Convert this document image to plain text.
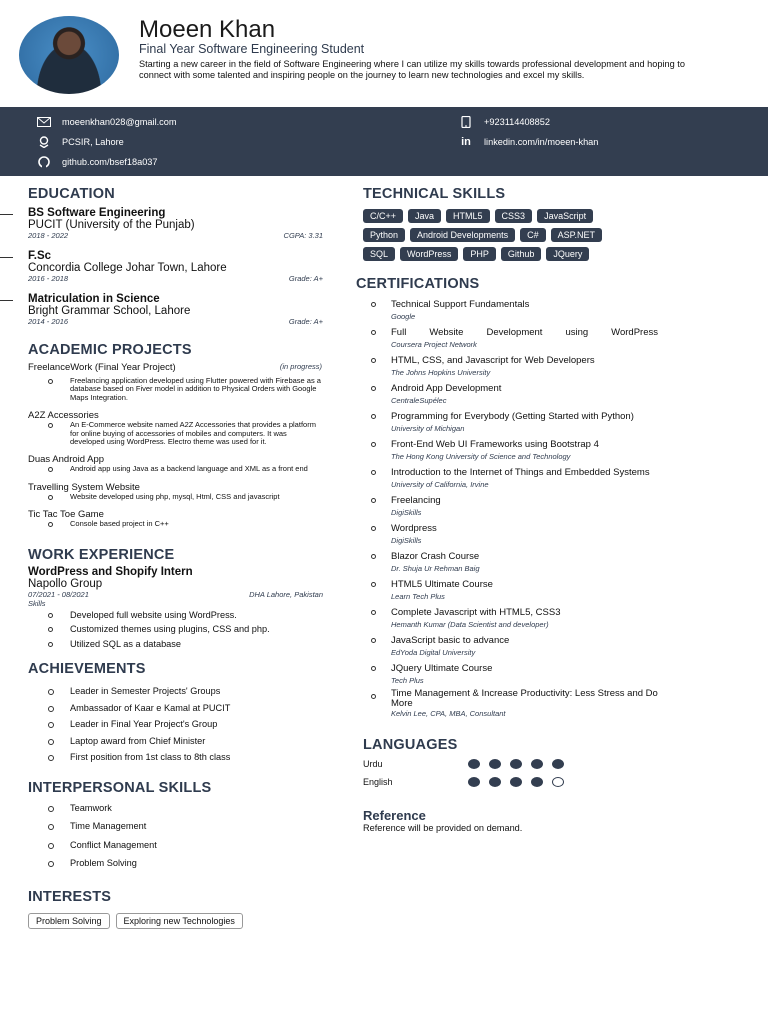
Moeen Khan
Final Year Software Engineering Student
Starting a new career in the field of Software Engineering where I can utilize my skills towards professional development and hoping to connect with some talented and inspiring people on the journey to learn new technologies and excel my skills.
moeenkhan028@gmail.com
PCSIR, Lahore
github.com/bsef18a037
+923114408852
in	linkedin.com/in/moeen-khan
EDUCATION
BS Software Engineering
PUCIT (University of the Punjab)
2018 - 2022	CGPA: 3.31
F.Sc
Concordia College Johar Town, Lahore
2016 - 2018	Grade: A+
Matriculation in Science
Bright Grammar School, Lahore
2014 - 2016	Grade: A+
ACADEMIC PROJECTS
FreelanceWork (Final Year Project)	(in progress)
Freelancing application developed using Flutter powered with Firebase as a database based on Fiver model in addition to Physical Orders with Google Maps Integration.
A2Z Accessories
An E-Commerce website named A2Z Accessories that provides a platform for online buying of accessories of mobiles and computers. It was developed using WordPress. Electro theme was used for it.
Duas Android App
Android app using Java as a backend language and XML as a front end
Travelling System Website
Website developed using php, mysql, Html, CSS and javascript
Tic Tac Toe Game
Console based project in C++
WORK EXPERIENCE
WordPress and Shopify Intern
Napollo Group
07/2021 - 08/2021	DHA Lahore, Pakistan
Skills
Developed full website using WordPress.
Customized themes using plugins, CSS and php.
Utilized SQL as a database
ACHIEVEMENTS
Leader in Semester Projects' Groups
Ambassador of Kaar e Kamal at PUCIT
Leader in Final Year Project's Group
Laptop award from Chief Minister
First position from 1st class to 8th class
INTERPERSONAL SKILLS
Teamwork
Time Management
Conflict Management
Problem Solving
INTERESTS
Problem Solving	Exploring new Technologies
TECHNICAL SKILLS
C/C++	Java	HTML5	CSS3	JavaScript
Python	Android Developments	C#	ASP.NET
SQL	WordPress	PHP	Github	JQuery
CERTIFICATIONS
Technical Support Fundamentals
Google
Full Website Development using WordPress
Coursera Project Network
HTML, CSS, and Javascript for Web Developers
The Johns Hopkins University
Android App Development
CentraleSupélec
Programming for Everybody (Getting Started with Python)
University of Michigan
Front-End Web UI Frameworks using Bootstrap 4
The Hong Kong University of Science and Technology
Introduction to the Internet of Things and Embedded Systems
University of California, Irvine
Freelancing
DigiSkills
Wordpress
DigiSkills
Blazor Crash Course
Dr. Shuja Ur Rehman Baig
HTML5 Ultimate Course
Learn Tech Plus
Complete Javascript with HTML5, CSS3
Hemanth Kumar (Data Scientist and developer)
JavaScript basic to advance
EdYoda Digital University
JQuery Ultimate Course
Tech Plus
Time Management & Increase Productivity: Less Stress and Do More
Kelvin Lee, CPA, MBA, Consultant
LANGUAGES
Urdu
English
Reference
Reference will be provided on demand.
